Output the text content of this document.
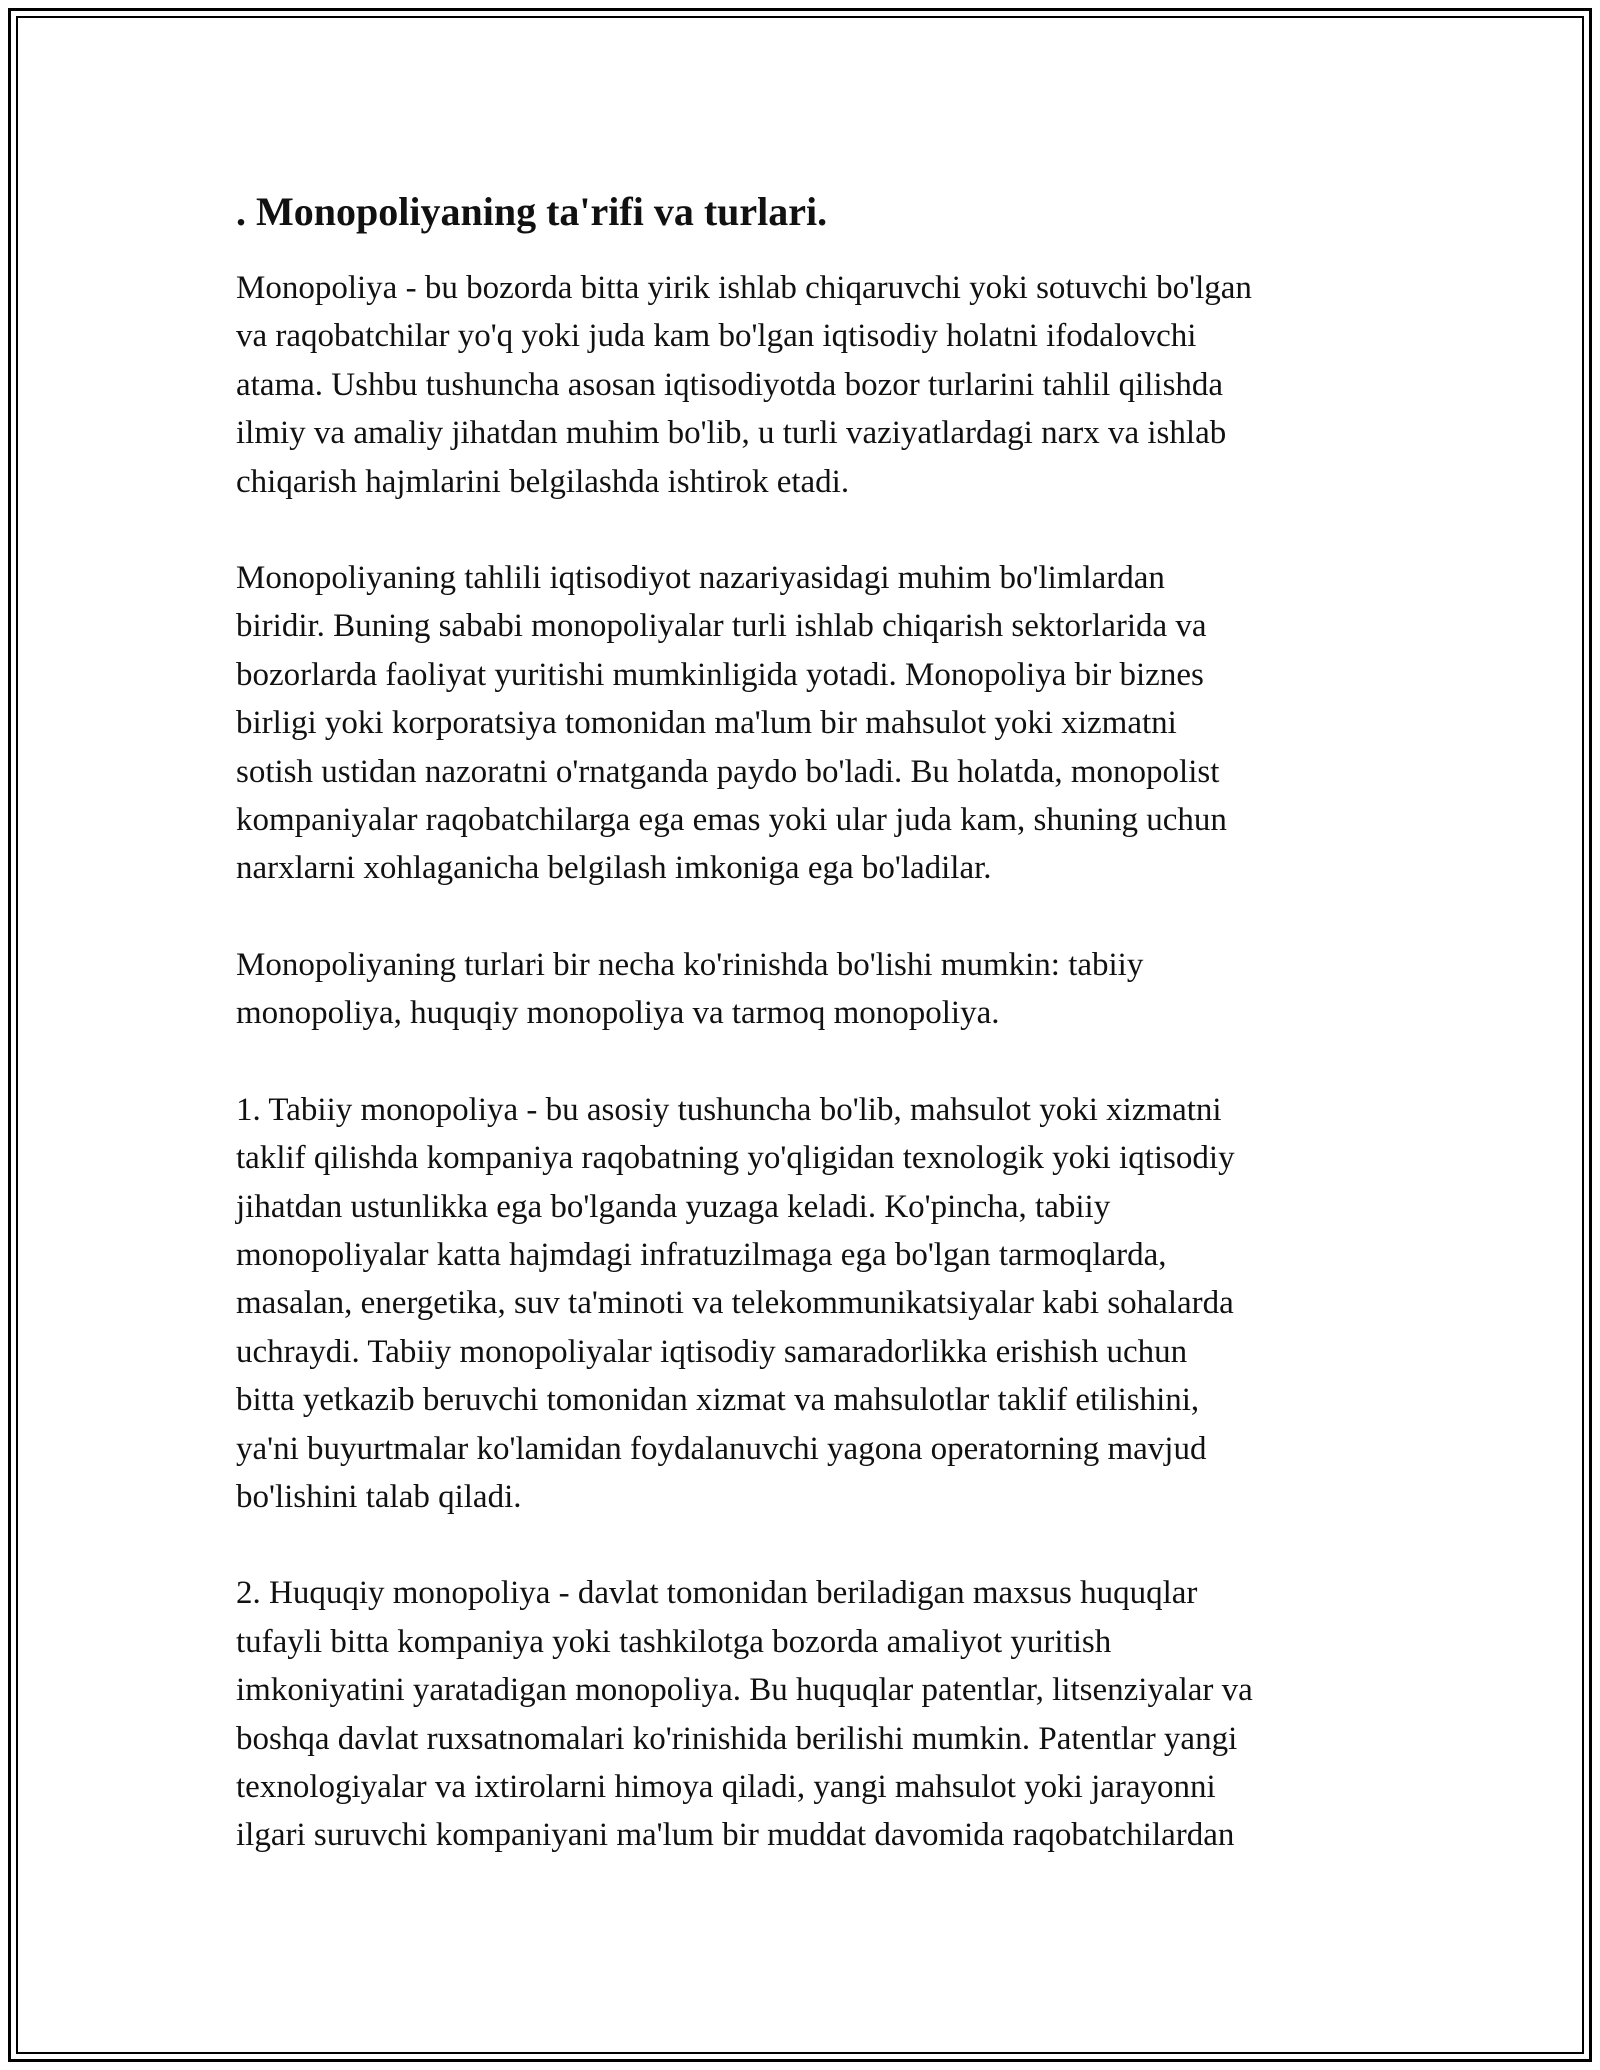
. Monopoliyaning ta'rifi va turlari.

Monopoliya - bu bozorda bitta yirik ishlab chiqaruvchi yoki sotuvchi bo'lgan
va raqobatchilar yo'q yoki juda kam bo'lgan iqtisodiy holatni ifodalovchi
atama. Ushbu tushuncha asosan iqtisodiyotda bozor turlarini tahlil qilishda
ilmiy va amaliy jihatdan muhim bo'lib, u turli vaziyatlardagi narx va ishlab
chiqarish hajmlarini belgilashda ishtirok etadi.

Monopoliyaning tahlili iqtisodiyot nazariyasidagi muhim bo'limlardan
biridir. Buning sababi monopoliyalar turli ishlab chiqarish sektorlarida va
bozorlarda faoliyat yuritishi mumkinligida yotadi. Monopoliya bir biznes
birligi yoki korporatsiya tomonidan ma'lum bir mahsulot yoki xizmatni
sotish ustidan nazoratni o'rnatganda paydo bo'ladi. Bu holatda, monopolist
kompaniyalar raqobatchilarga ega emas yoki ular juda kam, shuning uchun
narxlarni xohlaganicha belgilash imkoniga ega bo'ladilar.

Monopoliyaning turlari bir necha ko'rinishda bo'lishi mumkin: tabiiy
monopoliya, huquqiy monopoliya va tarmoq monopoliya.

1. Tabiiy monopoliya - bu asosiy tushuncha bo'lib, mahsulot yoki xizmatni
taklif qilishda kompaniya raqobatning yo'qligidan texnologik yoki iqtisodiy
jihatdan ustunlikka ega bo'lganda yuzaga keladi. Ko'pincha, tabiiy
monopoliyalar katta hajmdagi infratuzilmaga ega bo'lgan tarmoqlarda,
masalan, energetika, suv ta'minoti va telekommunikatsiyalar kabi sohalarda
uchraydi. Tabiiy monopoliyalar iqtisodiy samaradorlikka erishish uchun
bitta yetkazib beruvchi tomonidan xizmat va mahsulotlar taklif etilishini,
ya'ni buyurtmalar ko'lamidan foydalanuvchi yagona operatorning mavjud
bo'lishini talab qiladi.

2. Huquqiy monopoliya - davlat tomonidan beriladigan maxsus huquqlar
tufayli bitta kompaniya yoki tashkilotga bozorda amaliyot yuritish
imkoniyatini yaratadigan monopoliya. Bu huquqlar patentlar, litsenziyalar va
boshqa davlat ruxsatnomalari ko'rinishida berilishi mumkin. Patentlar yangi
texnologiyalar va ixtirolarni himoya qiladi, yangi mahsulot yoki jarayonni
ilgari suruvchi kompaniyani ma'lum bir muddat davomida raqobatchilardan
